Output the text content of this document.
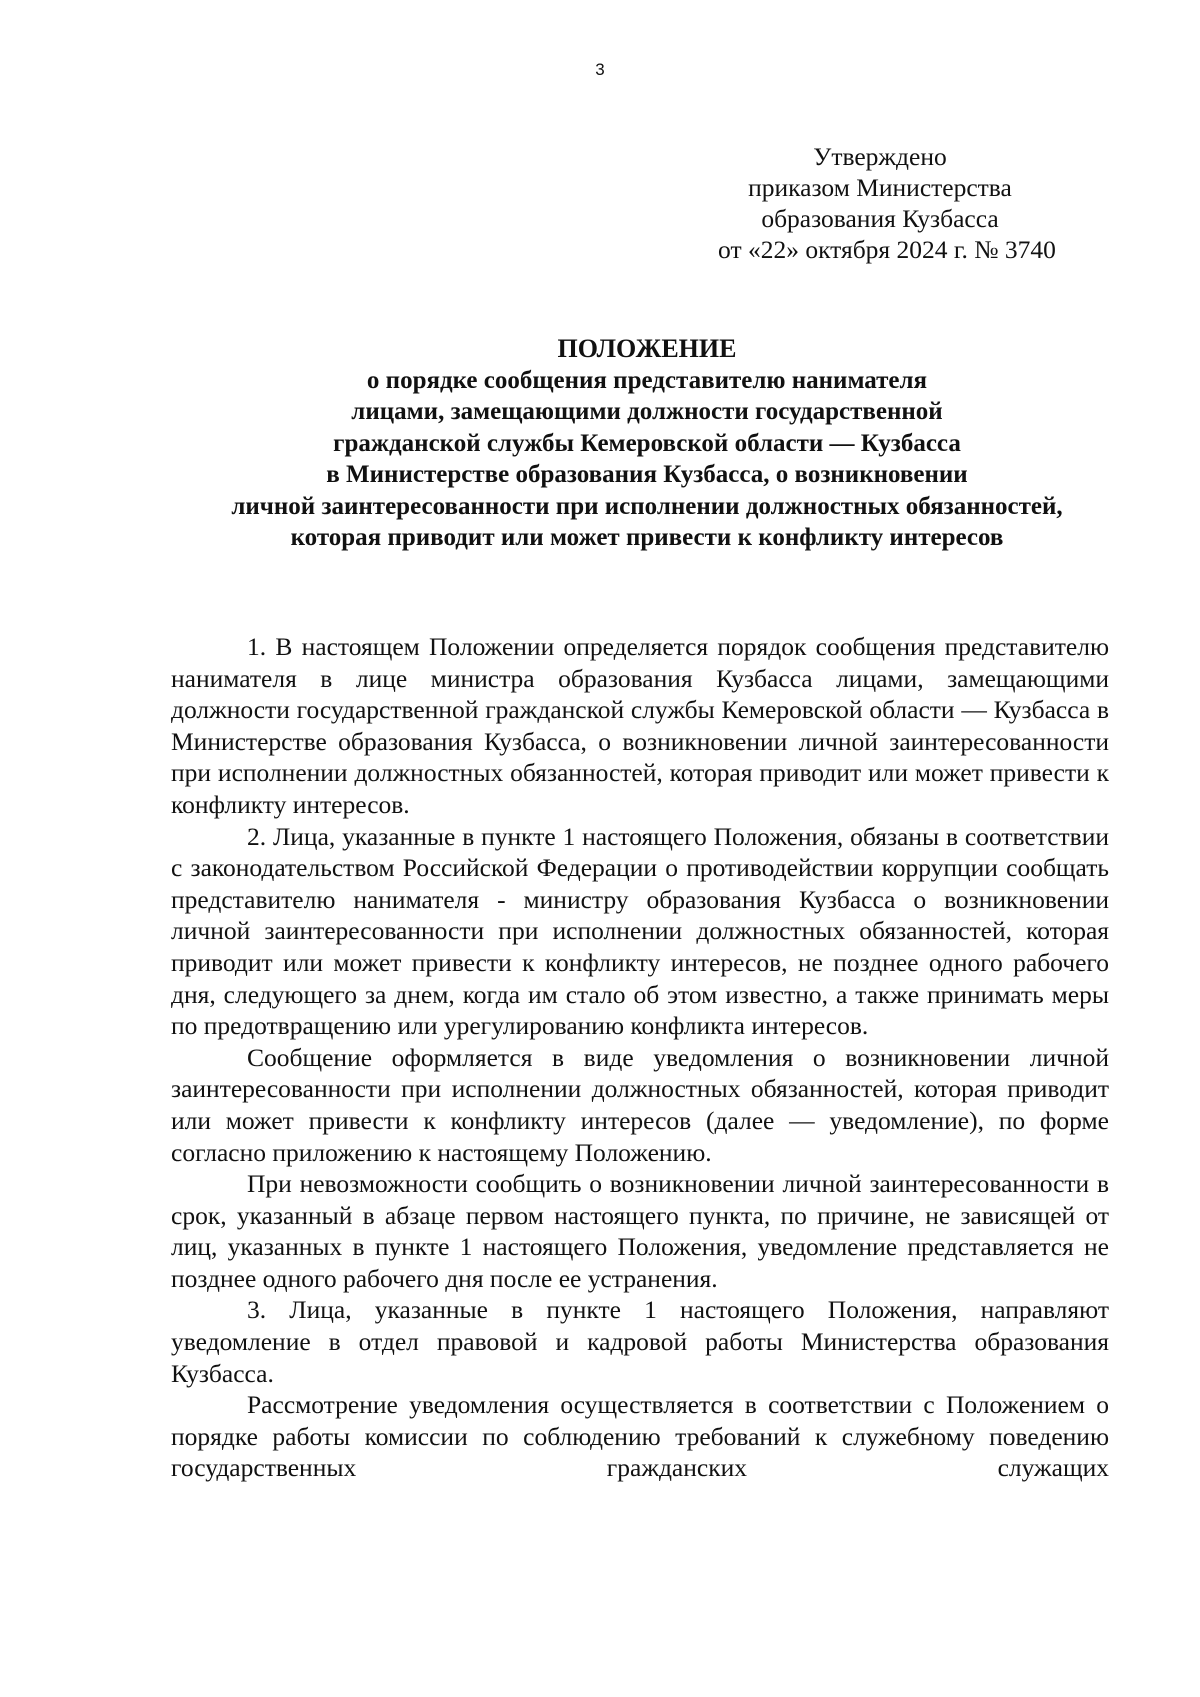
3
Утверждено
приказом Министерства
образования Кузбасса
от «22» октября 2024 г. № 3740
ПОЛОЖЕНИЕ
о порядке сообщения представителю нанимателя
лицами, замещающими должности государственной
гражданской службы Кемеровской области — Кузбасса
в Министерстве образования Кузбасса, о возникновении
личной заинтересованности при исполнении должностных обязанностей,
которая приводит или может привести к конфликту интересов

1. В настоящем Положении определяется порядок сообщения представителю нанимателя в лице министра образования Кузбасса лицами, замещающими должности государственной гражданской службы Кемеровской области — Кузбасса в Министерстве образования Кузбасса, о возникновении личной заинтересованности при исполнении должностных обязанностей, которая приводит или может привести к конфликту интересов.

2. Лица, указанные в пункте 1 настоящего Положения, обязаны в соответствии с законодательством Российской Федерации о противодействии коррупции сообщать представителю нанимателя - министру образования Кузбасса о возникновении личной заинтересованности при исполнении должностных обязанностей, которая приводит или может привести к конфликту интересов, не позднее одного рабочего дня, следующего за днем, когда им стало об этом известно, а также принимать меры по предотвращению или урегулированию конфликта интересов.

Сообщение оформляется в виде уведомления о возникновении личной заинтересованности при исполнении должностных обязанностей, которая приводит или может привести к конфликту интересов (далее — уведомление), по форме согласно приложению к настоящему Положению.

При невозможности сообщить о возникновении личной заинтересованности в срок, указанный в абзаце первом настоящего пункта, по причине, не зависящей от лиц, указанных в пункте 1 настоящего Положения, уведомление представляется не позднее одного рабочего дня после ее устранения.

3. Лица, указанные в пункте 1 настоящего Положения, направляют уведомление в отдел правовой и кадровой работы Министерства образования Кузбасса.

Рассмотрение уведомления осуществляется в соответствии с Положением о порядке работы комиссии по соблюдению требований к служебному поведению государственных гражданских служащих
